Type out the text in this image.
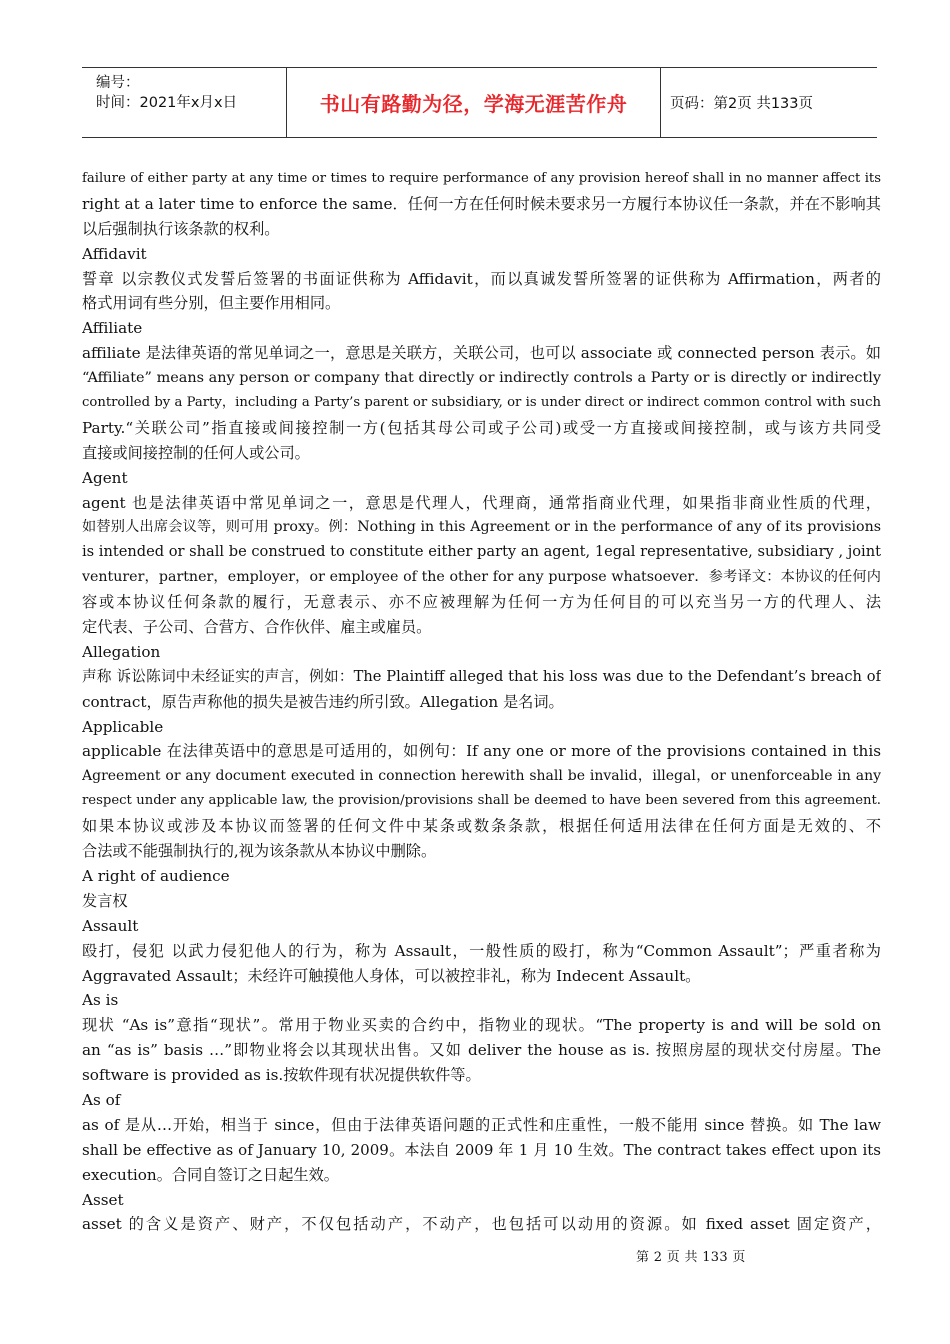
编号：
时间：2021年x月x日	书山有路勤为径，学海无涯苦作舟	页码：第2页 共133页
failure of either party at any time or times to require performance of any provision hereof shall in no manner affect its
right at a later time to enforce the same．任何一方在任何时候未要求另一方履行本协议任一条款，并在不影响其
以后强制执行该条款的权利。
Affidavit
誓章 以宗教仪式发誓后签署的书面证供称为 Affidavit，而以真诚发誓所签署的证供称为 Affirmation，两者的
格式用词有些分别，但主要作用相同。
Affiliate
affiliate 是法律英语的常见单词之一，意思是关联方，关联公司，也可以 associate 或 connected person 表示。如
“Affiliate” means any person or company that directly or indirectly controls a Party or is directly or indirectly
controlled by a Party，including a Party’s parent or subsidiary, or is under direct or indirect common control with such
Party.“关联公司”指直接或间接控制一方(包括其母公司或子公司)或受一方直接或间接控制，或与该方共同受
直接或间接控制的任何人或公司。
Agent
agent 也是法律英语中常见单词之一，意思是代理人，代理商，通常指商业代理，如果指非商业性质的代理，
如替别人出席会议等，则可用 proxy。例：Nothing in this Agreement or in the performance of any of its provisions
is intended or shall be construed to constitute either party an agent, 1egal representative, subsidiary , joint
venturer，partner，employer，or employee of the other for any purpose whatsoever．参考译文：本协议的任何内
容或本协议任何条款的履行，无意表示、亦不应被理解为任何一方为任何目的可以充当另一方的代理人、法
定代表、子公司、合营方、合作伙伴、雇主或雇员。
Allegation
声称 诉讼陈词中未经证实的声言，例如：The Plaintiff alleged that his loss was due to the Defendant’s breach of
contract，原告声称他的损失是被告违约所引致。Allegation 是名词。
Applicable
applicable 在法律英语中的意思是可适用的，如例句：If any one or more of the provisions contained in this
Agreement or any document executed in connection herewith shall be invalid，illegal，or unenforceable in any
respect under any applicable law, the provision/provisions shall be deemed to have been severed from this agreement.
如果本协议或涉及本协议而签署的任何文件中某条或数条条款，根据任何适用法律在任何方面是无效的、不
合法或不能强制执行的,视为该条款从本协议中删除。
A right of audience
发言权
Assault
殴打，侵犯 以武力侵犯他人的行为，称为 Assault，一般性质的殴打，称为“Common Assault”；严重者称为
Aggravated Assault；未经许可触摸他人身体，可以被控非礼，称为 Indecent Assault。
As is
现状 “As is”意指“现状”。常用于物业买卖的合约中，指物业的现状。“The property is and will be sold on
an “as is” basis …”即物业将会以其现状出售。又如 deliver the house as is. 按照房屋的现状交付房屋。The
software is provided as is.按软件现有状况提供软件等。
As of
as of 是从…开始，相当于 since，但由于法律英语问题的正式性和庄重性，一般不能用 since 替换。如 The law
shall be effective as of January 10, 2009。本法自 2009 年 1 月 10 生效。The contract takes effect upon its
execution。合同自签订之日起生效。
Asset
asset 的含义是资产、财产，不仅包括动产，不动产，也包括可以动用的资源。如 fixed asset 固定资产，
第 2 页 共 133 页
